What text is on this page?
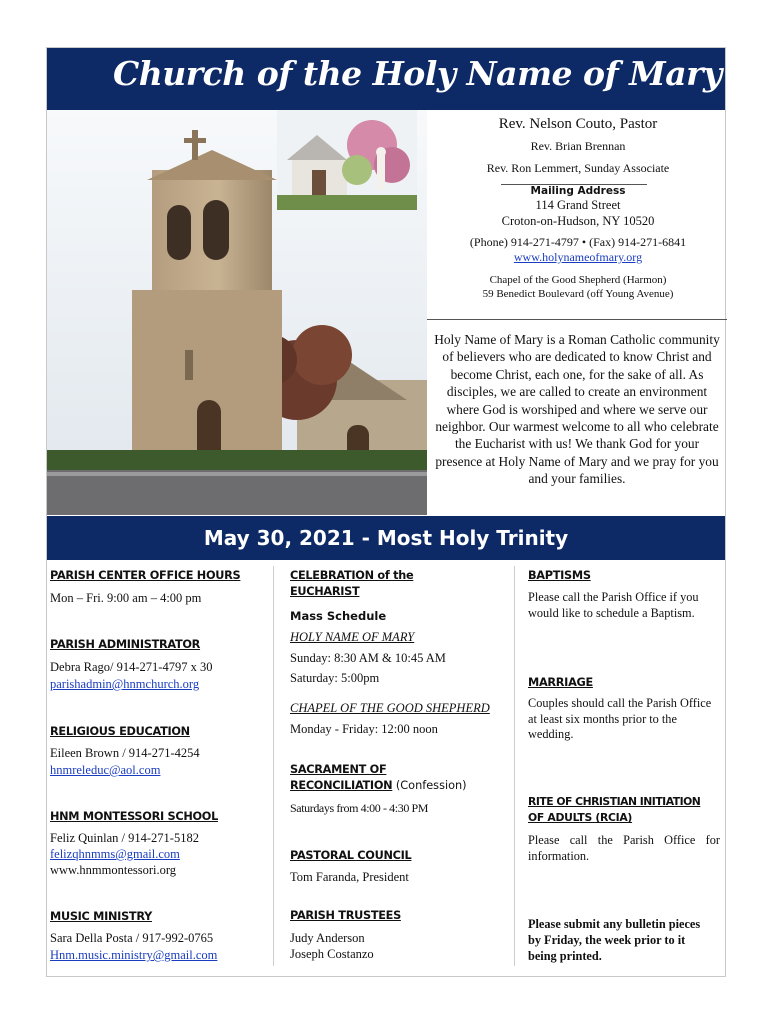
Church of the Holy Name of Mary
Rev. Nelson Couto, Pastor
Rev. Brian Brennan
Rev. Ron Lemmert, Sunday Associate
Mailing Address
114 Grand Street
Croton-on-Hudson, NY 10520
(Phone) 914-271-4797 • (Fax) 914-271-6841
www.holynameofmary.org
Chapel of the Good Shepherd (Harmon)
59 Benedict Boulevard (off Young Avenue)
Holy Name of Mary is a Roman Catholic community of believers who are dedicated to know Christ and become Christ, each one, for the sake of all. As disciples, we are called to create an environment where God is worshiped and where we serve our neighbor. Our warmest welcome to all who celebrate the Eucharist with us! We thank God for your presence at Holy Name of Mary and we pray for you and your families.
May 30, 2021 - Most Holy Trinity
PARISH CENTER OFFICE HOURS
Mon – Fri. 9:00 am – 4:00 pm
PARISH ADMINISTRATOR
Debra Rago/ 914-271-4797 x 30
parishadmin@hnmchurch.org
RELIGIOUS EDUCATION
Eileen Brown / 914-271-4254
hnmreleduc@aol.com
HNM MONTESSORI SCHOOL
Feliz Quinlan / 914-271-5182
felizqhnmms@gmail.com
www.hnmmontessori.org
MUSIC MINISTRY
Sara Della Posta / 917-992-0765
Hnm.music.ministry@gmail.com
CELEBRATION of the
EUCHARIST
Mass Schedule
HOLY NAME OF MARY
Sunday: 8:30 AM & 10:45 AM
Saturday: 5:00pm
CHAPEL OF THE GOOD SHEPHERD
Monday - Friday: 12:00 noon
SACRAMENT OF
RECONCILIATION (Confession)
Saturdays from 4:00 - 4:30 PM
PASTORAL COUNCIL
Tom Faranda, President
PARISH TRUSTEES
Judy Anderson
Joseph Costanzo
BAPTISMS
Please call the Parish Office if you would like to schedule a Baptism.
MARRIAGE
Couples should call the Parish Office at least six months prior to the wedding.
RITE OF CHRISTIAN INITIATION
OF ADULTS (RCIA)
Please call the Parish Office for information.
Please submit any bulletin pieces by Friday, the week prior to it being printed.
